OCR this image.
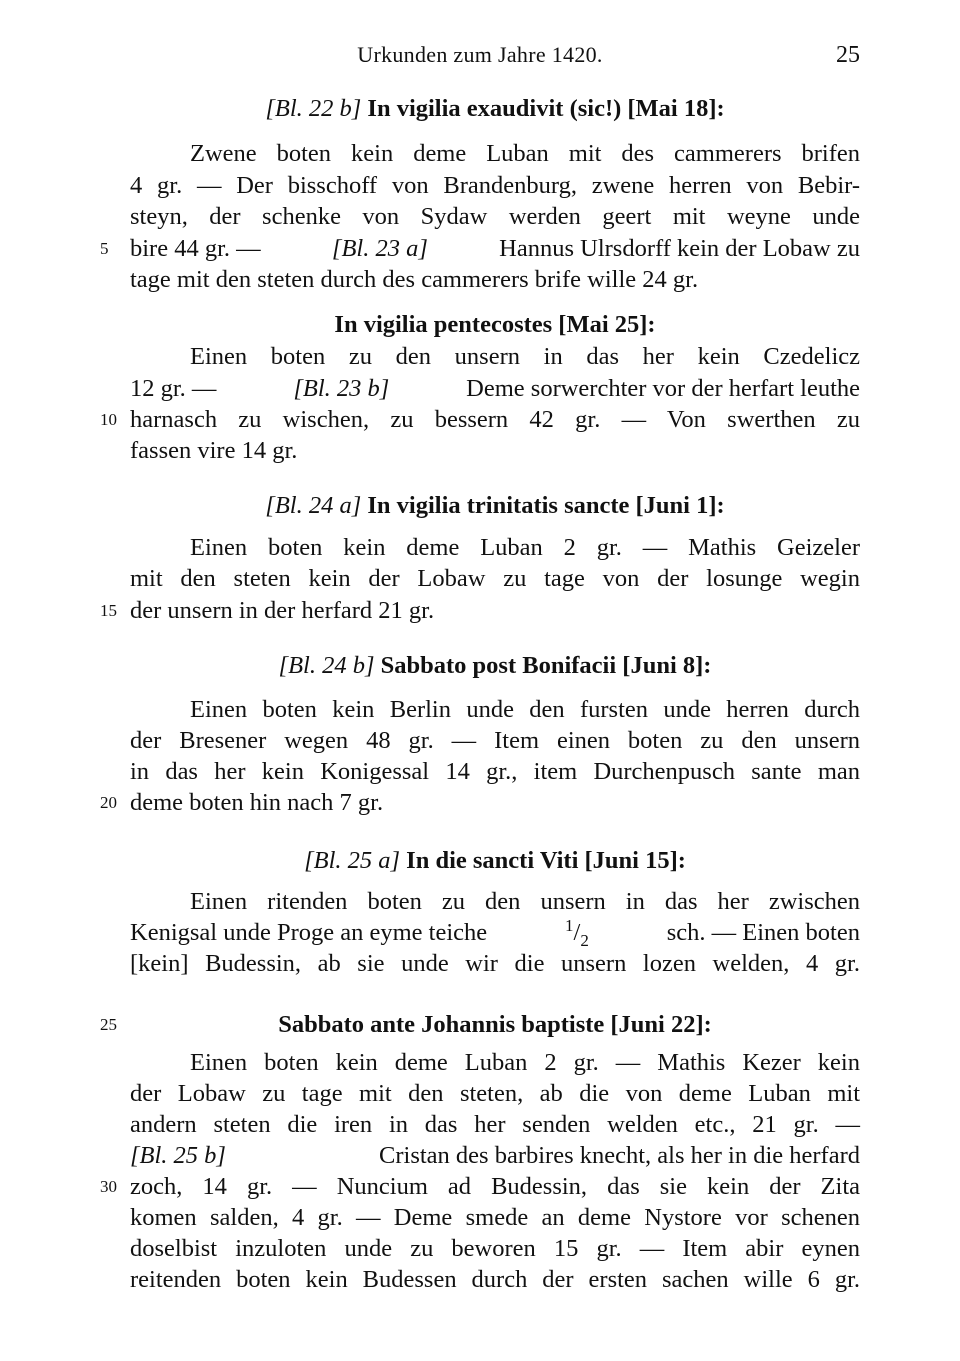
Urkunden zum Jahre 1420.	25
[Bl. 22 b] In vigilia exaudivit (sic!) [Mai 18]:
Zwene boten kein deme Luban mit des cammerers brifen
4 gr. — Der bisschoff von Brandenburg, zwene herren von Bebir-
steyn, der schenke von Sydaw werden geert mit weyne unde
5 bire 44 gr. —	[Bl. 23 a]	Hannus Ulrsdorff kein der Lobaw zu
tage mit den steten durch des cammerers brife wille 24 gr.
In vigilia pentecostes [Mai 25]:
Einen boten zu den unsern in das her kein Czedelicz
12 gr. —	[Bl. 23 b]	Deme sorwerchter vor der herfart leuthe
10 harnasch zu wischen, zu bessern 42 gr. — Von swerthen zu
fassen vire 14 gr.
[Bl. 24 a] In vigilia trinitatis sancte [Juni 1]:
Einen boten kein deme Luban 2 gr. — Mathis Geizeler
mit den steten kein der Lobaw zu tage von der losunge wegin
15 der unsern in der herfard 21 gr.
[Bl. 24 b] Sabbato post Bonifacii [Juni 8]:
Einen boten kein Berlin unde den fursten unde herren durch
der Bresener wegen 48 gr. — Item einen boten zu den unsern
in das her kein Konigessal 14 gr., item Durchenpusch sante man
20 deme boten hin nach 7 gr.
[Bl. 25 a] In die sancti Viti [Juni 15]:
Einen ritenden boten zu den unsern in das her zwischen
Kenigsal unde Proge an eyme teiche	$^1/_2$	sch. — Einen boten
[kein] Budessin, ab sie unde wir die unsern lozen welden, 4 gr.
25	Sabbato ante Johannis baptiste [Juni 22]:
Einen boten kein deme Luban 2 gr. — Mathis Kezer kein
der Lobaw zu tage mit den steten, ab die von deme Luban mit
andern steten die iren in das her senden welden etc., 21 gr. —
[Bl. 25 b]	Cristan des barbires knecht, als her in die herfard
30 zoch, 14 gr. — Nuncium ad Budessin, das sie kein der Zita
komen salden, 4 gr. — Deme smede an deme Nystore vor schenen
doselbist inzuloten unde zu beworen 15 gr. — Item abir eynen
reitenden boten kein Budessen durch der ersten sachen wille 6 gr.
